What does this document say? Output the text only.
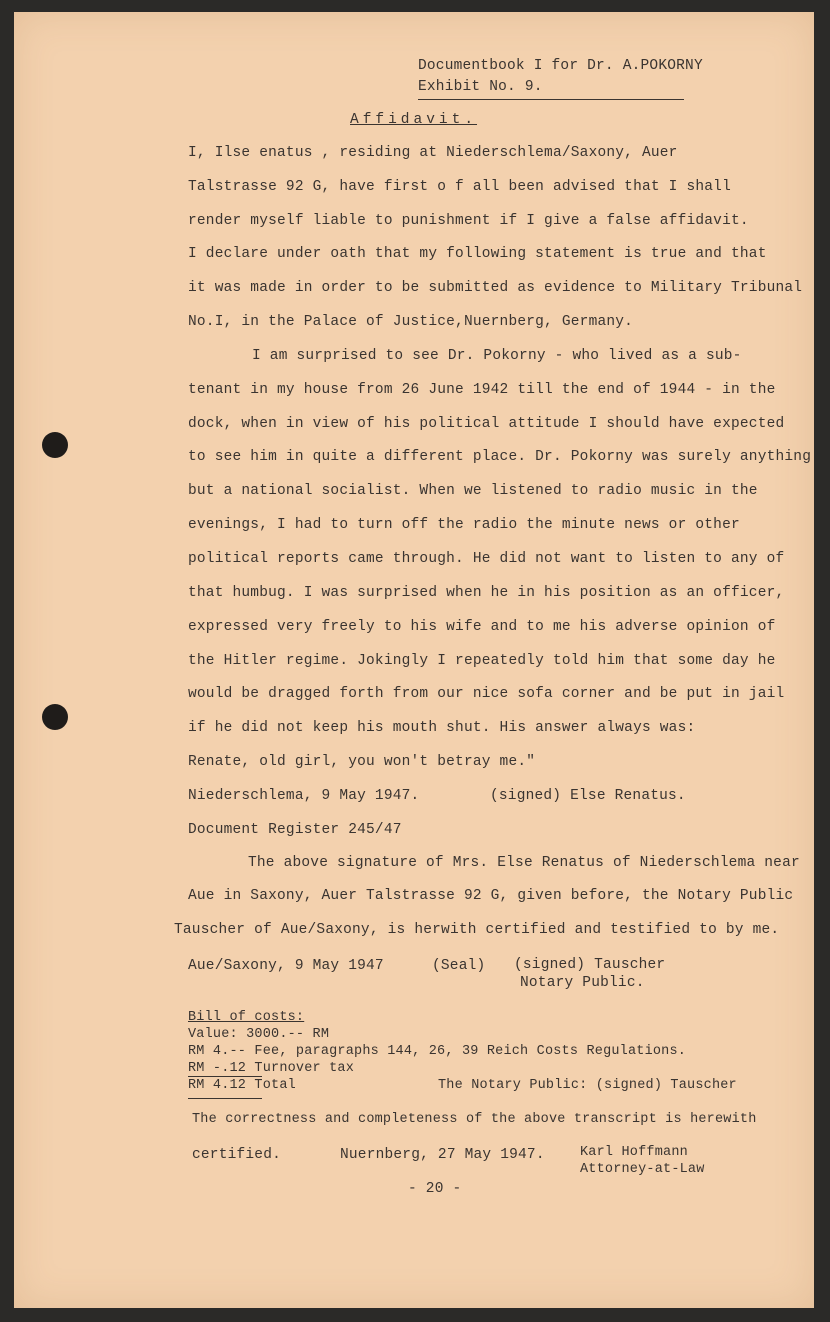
Documentbook I for Dr. A.POKORNY
Exhibit No. 9.
Affidavit.
I, Ilse enatus , residing at Niederschlema/Saxony, Auer
Talstrasse 92 G, have first o f all been advised that I shall
render myself liable to punishment if I give a false affidavit.
I declare under oath that my following statement is true and that
it was made in order to be submitted as evidence to Military Tribunal
No.I, in the Palace of Justice,Nuernberg, Germany.
I am surprised to see Dr. Pokorny - who lived as a sub-
tenant in my house from 26 June 1942 till the end of 1944 - in the
dock, when in view of his political attitude I should have expected
to see him in quite a different place. Dr. Pokorny was surely anything
but a national socialist. When we listened to radio music in the
evenings, I had to turn off the radio the minute news or other
political reports came through. He did not want to listen to any of
that humbug. I was surprised when he in his position as an officer,
expressed very freely to his wife and to me his adverse opinion of
the Hitler regime. Jokingly I repeatedly told him that some day he
would be dragged forth from our nice sofa corner and be put in jail
if he did not keep his mouth shut. His answer always was:
Renate, old girl, you won't betray me."
Niederschlema, 9 May 1947.	(signed) Else Renatus.
Document Register 245/47
The above signature of Mrs. Else Renatus of Niederschlema near
Aue in Saxony, Auer Talstrasse 92 G, given before, the Notary Public
Tauscher of Aue/Saxony, is herwith certified and testified to by me.
Aue/Saxony, 9 May 1947	(Seal) (signed) Tauscher
Notary Public.
Bill of costs:
Value: 3000.-- RM
RM 4.-- Fee, paragraphs 144, 26, 39 Reich Costs Regulations.
RM -.12 Turnover tax
RM 4.12 Total	The Notary Public: (signed) Tauscher
The correctness and completeness of the above transcript is herewith
certified.	Nuernberg, 27 May 1947.	Karl Hoffmann
Attorney-at-Law
- 20 -
